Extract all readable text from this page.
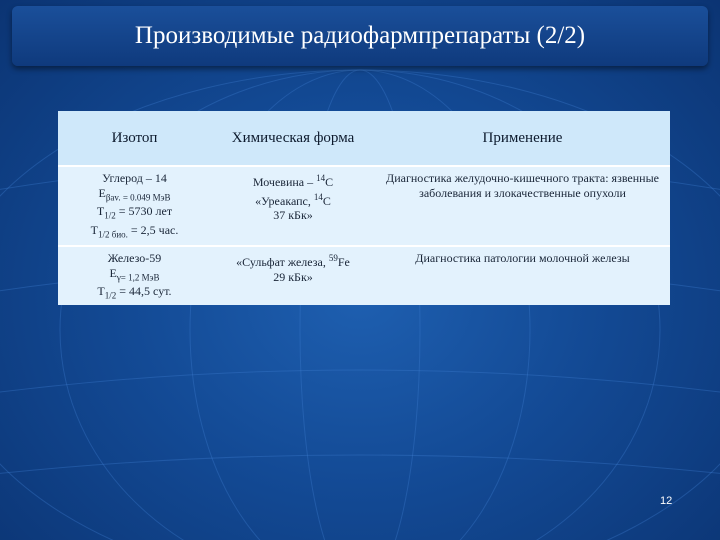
Производимые радиофармпрепараты (2/2)
Изотоп	Химическая форма	Применение

Углерод – 14
$E_{\beta av. = 0.049 МэВ}$
$T_{1/2} = 5730$ лет
$T_{1/2 био.} = 2,5$ час.	Мочевина – $^{14}$C
«Уреакапс, $^{14}$C
37 кБк»	Диагностика желудочно-кишечного тракта: язвенные заболевания и злокачественные опухоли

Железо-59
$E_{\gamma= 1,2 МэВ}$
$T_{1/2} = 44,5$ сут.	«Сульфат железа, $^{59}$Fe
29 кБк»	Диагностика патологии молочной железы
12
